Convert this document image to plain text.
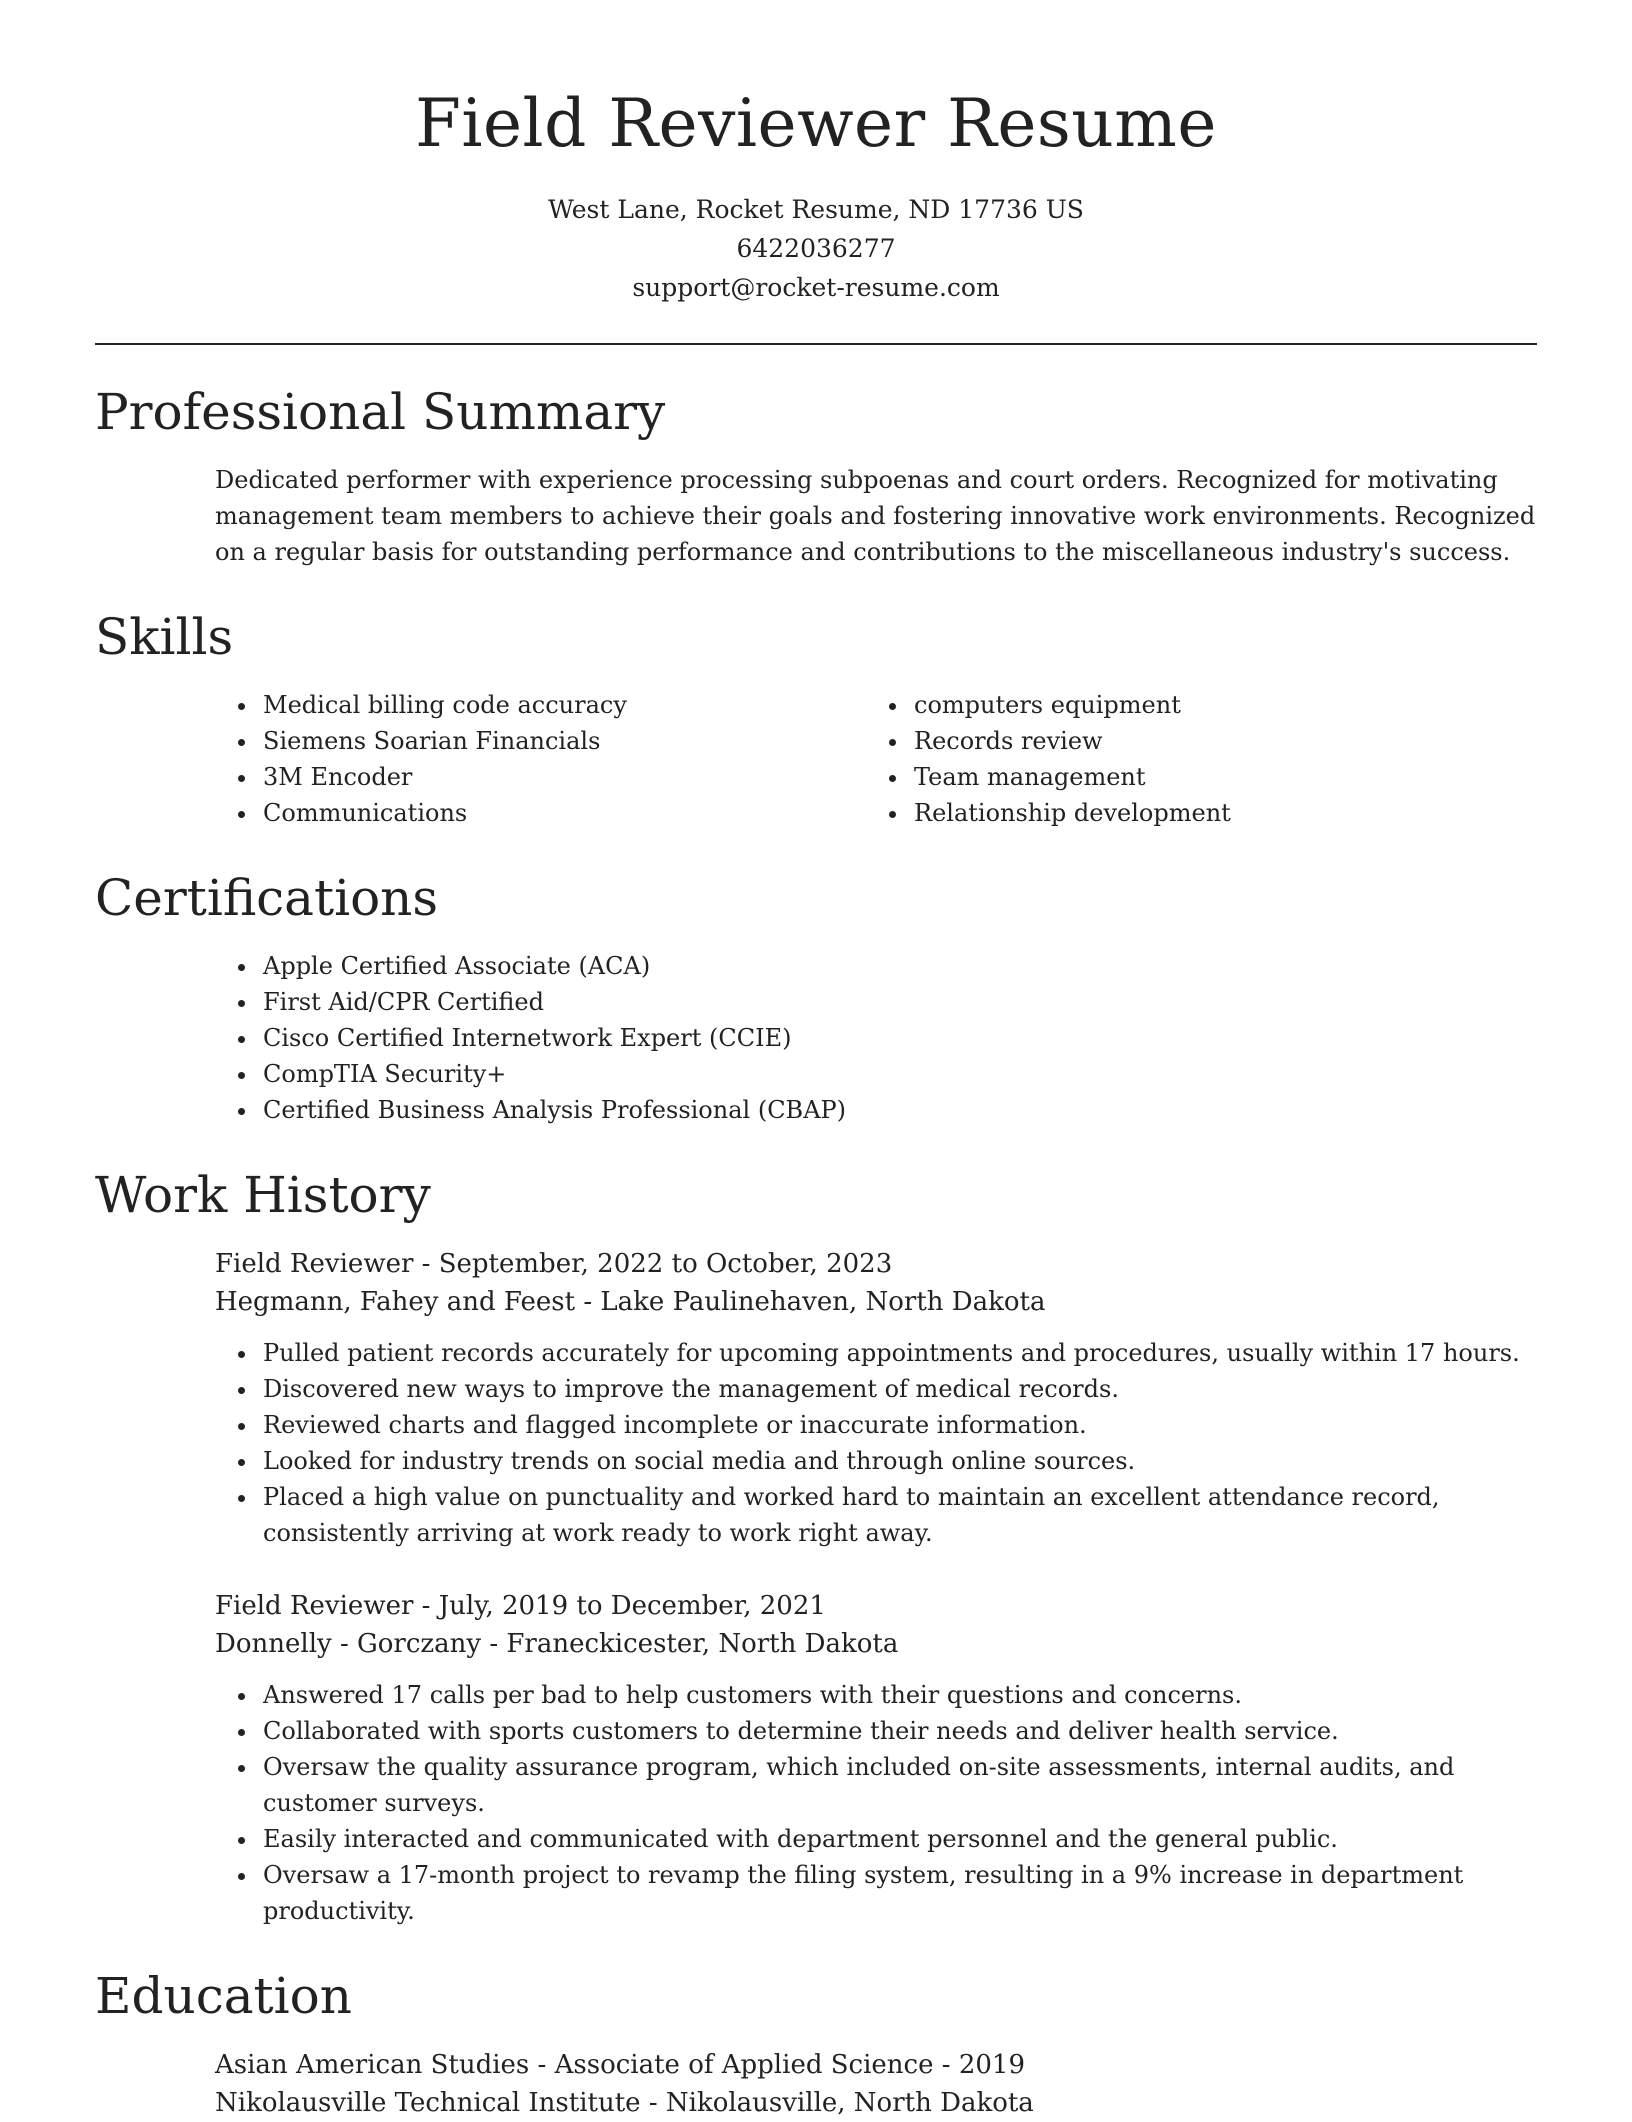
Field Reviewer Resume
West Lane, Rocket Resume, ND 17736 US
6422036277
support@rocket-resume.com
Professional Summary

Dedicated performer with experience processing subpoenas and court orders. Recognized for motivating management team members to achieve their goals and fostering innovative work environments. Recognized on a regular basis for outstanding performance and contributions to the miscellaneous industry's success.

Skills
• Medical billing code accuracy
• Siemens Soarian Financials
• 3M Encoder
• Communications
• computers equipment
• Records review
• Team management
• Relationship development
Certifications
• Apple Certified Associate (ACA)
• First Aid/CPR Certified
• Cisco Certified Internetwork Expert (CCIE)
• CompTIA Security+
• Certified Business Analysis Professional (CBAP)
Work History
Field Reviewer - September, 2022 to October, 2023
Hegmann, Fahey and Feest - Lake Paulinehaven, North Dakota
• Pulled patient records accurately for upcoming appointments and procedures, usually within 17 hours.
• Discovered new ways to improve the management of medical records.
• Reviewed charts and flagged incomplete or inaccurate information.
• Looked for industry trends on social media and through online sources.
• Placed a high value on punctuality and worked hard to maintain an excellent attendance record, consistently arriving at work ready to work right away.
Field Reviewer - July, 2019 to December, 2021
Donnelly - Gorczany - Franeckicester, North Dakota
• Answered 17 calls per bad to help customers with their questions and concerns.
• Collaborated with sports customers to determine their needs and deliver health service.
• Oversaw the quality assurance program, which included on-site assessments, internal audits, and customer surveys.
• Easily interacted and communicated with department personnel and the general public.
• Oversaw a 17-month project to revamp the filing system, resulting in a 9% increase in department productivity.
Education
Asian American Studies - Associate of Applied Science - 2019
Nikolausville Technical Institute - Nikolausville, North Dakota
